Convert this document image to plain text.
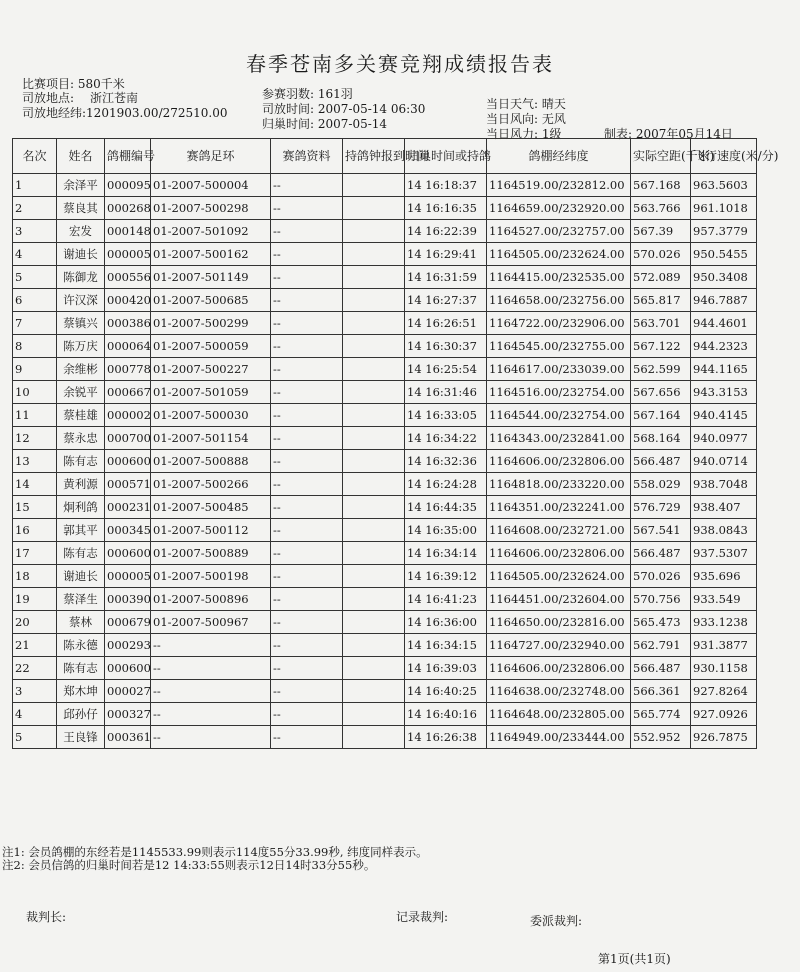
春季苍南多关赛竞翔成绩报告表
比赛项目: 580千米
司放地点: 浙江苍南
司放地经纬:1201903.00/272510.00
参赛羽数: 161羽
司放时间: 2007-05-14 06:30
归巢时间: 2007-05-14
当日天气: 晴天
当日风向: 无风
当日风力: 1级	制表: 2007年05月14日
名次	姓名	鸽棚编号	赛鸽足环	赛鸽资料	持鸽钟报到时间	归巢时间或持鸽	鸽棚经纬度	实际空距(千米)	飞行速度(米/分)
1	余泽平	000095	01-2007-500004	--		14 16:18:37	1164519.00/232812.00	567.168	963.5603
2	蔡良其	000268	01-2007-500298	--		14 16:16:35	1164659.00/232920.00	563.766	961.1018
3	宏发	000148	01-2007-501092	--		14 16:22:39	1164527.00/232757.00	567.39	957.3779
4	谢迪长	000005	01-2007-500162	--		14 16:29:41	1164505.00/232624.00	570.026	950.5455
5	陈御龙	000556	01-2007-501149	--		14 16:31:59	1164415.00/232535.00	572.089	950.3408
6	许汉深	000420	01-2007-500685	--		14 16:27:37	1164658.00/232756.00	565.817	946.7887
7	蔡镇兴	000386	01-2007-500299	--		14 16:26:51	1164722.00/232906.00	563.701	944.4601
8	陈万庆	000064	01-2007-500059	--		14 16:30:37	1164545.00/232755.00	567.122	944.2323
9	余维彬	000778	01-2007-500227	--		14 16:25:54	1164617.00/233039.00	562.599	944.1165
10	余锐平	000667	01-2007-501059	--		14 16:31:46	1164516.00/232754.00	567.656	943.3153
11	蔡桂雄	000002	01-2007-500030	--		14 16:33:05	1164544.00/232754.00	567.164	940.4145
12	蔡永忠	000700	01-2007-501154	--		14 16:34:22	1164343.00/232841.00	568.164	940.0977
13	陈有志	000600	01-2007-500888	--		14 16:32:36	1164606.00/232806.00	566.487	940.0714
14	黄利源	000571	01-2007-500266	--		14 16:24:28	1164818.00/233220.00	558.029	938.7048
15	炯利鸽	000231	01-2007-500485	--		14 16:44:35	1164351.00/232241.00	576.729	938.407
16	郭其平	000345	01-2007-500112	--		14 16:35:00	1164608.00/232721.00	567.541	938.0843
17	陈有志	000600	01-2007-500889	--		14 16:34:14	1164606.00/232806.00	566.487	937.5307
18	谢迪长	000005	01-2007-500198	--		14 16:39:12	1164505.00/232624.00	570.026	935.696
19	蔡泽生	000390	01-2007-500896	--		14 16:41:23	1164451.00/232604.00	570.756	933.549
20	蔡林	000679	01-2007-500967	--		14 16:36:00	1164650.00/232816.00	565.473	933.1238
21	陈永德	000293	--	--		14 16:34:15	1164727.00/232940.00	562.791	931.3877
22	陈有志	000600	--	--		14 16:39:03	1164606.00/232806.00	566.487	930.1158
3	郑木坤	000027	--	--		14 16:40:25	1164638.00/232748.00	566.361	927.8264
4	邱孙仔	000327	--	--		14 16:40:16	1164648.00/232805.00	565.774	927.0926
5	王良锋	000361	--	--		14 16:26:38	1164949.00/233444.00	552.952	926.7875
注1: 会员鸽棚的东经若是1145533.99则表示114度55分33.99秒, 纬度同样表示。
注2: 会员信鸽的归巢时间若是12 14:33:55则表示12日14时33分55秒。
裁判长:	记录裁判:	委派裁判:
第1页(共1页)
